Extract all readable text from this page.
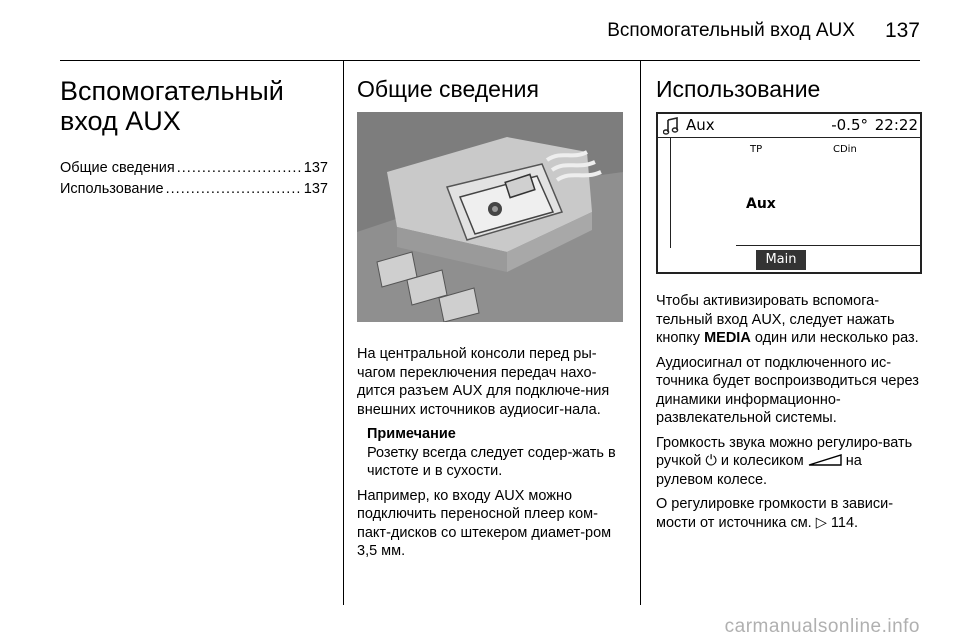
Вспомогательный вход AUX 137
Вспомогательный
вход AUX
Общие сведения .....	137
Использование .....	137
Общие сведения

На центральной консоли перед ры-чагом переключения передач нахо-дится разъем AUX для подключе-ния внешних источников аудиосиг-нала.

Примечание

Розетку всегда следует содер-жать в чистоте и в сухости.

Например, ко входу AUX можно подключить переносной плеер ком-пакт-дисков со штекером диамет-ром 3,5 мм.

Использование
Aux	-0.5° 22:22
TP	CDin
Aux
Main

Чтобы активизировать вспомога-тельный вход AUX, следует нажать кнопку MEDIA один или несколько раз.

Аудиосигнал от подключенного ис-точника будет воспроизводиться через динамики информационно-развлекательной системы.

Громкость звука можно регулиро-вать ручкой ⏻ и колесиком  на рулевом колесе.

О регулировке громкости в зависи-мости от источника см. ▷ 114.

carmanualsonline.info
